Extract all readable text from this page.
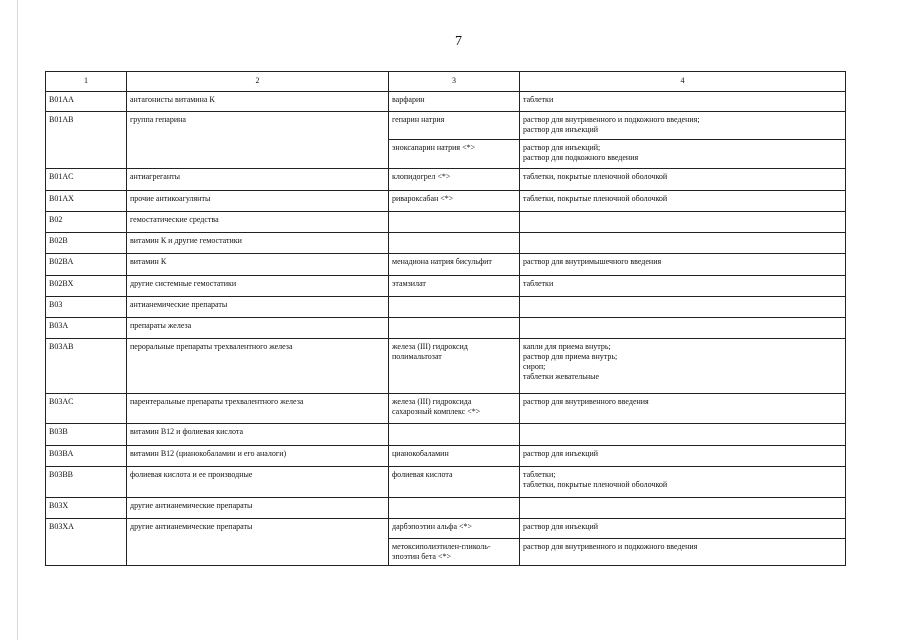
7
1	2	3	4
B01AA	антагонисты витамина К	варфарин	таблетки
B01AB	группа гепарина	гепарин натрия	раствор для внутривенного и подкожного введения;
раствор для инъекций
		эноксапарин натрия <*>	раствор для инъекций;
раствор для подкожного введения
B01AC	антиагреганты	клопидогрел <*>	таблетки, покрытые пленочной оболочкой
B01AX	прочие антикоагулянты	ривароксабан <*>	таблетки, покрытые пленочной оболочкой
B02	гемостатические средства		
B02B	витамин К и другие гемостатики		
B02BA	витамин К	менадиона натрия бисульфит	раствор для внутримышечного введения
B02BX	другие системные гемостатики	этамзилат	таблетки
B03	антианемические препараты		
B03A	препараты железа		
B03AB	пероральные препараты трехвалентного железа	железа (III) гидроксид
полимальтозат	капли для приема внутрь;
раствор для приема внутрь;
сироп;
таблетки жевательные
B03AC	парентеральные препараты трехвалентного железа	железа (III) гидроксида
сахарозный комплекс <*>	раствор для внутривенного введения
B03B	витамин B12 и фолиевая кислота		
B03BA	витамин B12 (цианокобаламин и его аналоги)	цианокобаламин	раствор для инъекций
B03BB	фолиевая кислота и ее производные	фолиевая кислота	таблетки;
таблетки, покрытые пленочной оболочкой
B03X	другие антианемические препараты		
B03XA	другие антианемические препараты	дарбэпоэтин альфа <*>	раствор для инъекций
		метоксиполиэтилен-гликоль-
эпоэтин бета <*>	раствор для внутривенного и подкожного введения
